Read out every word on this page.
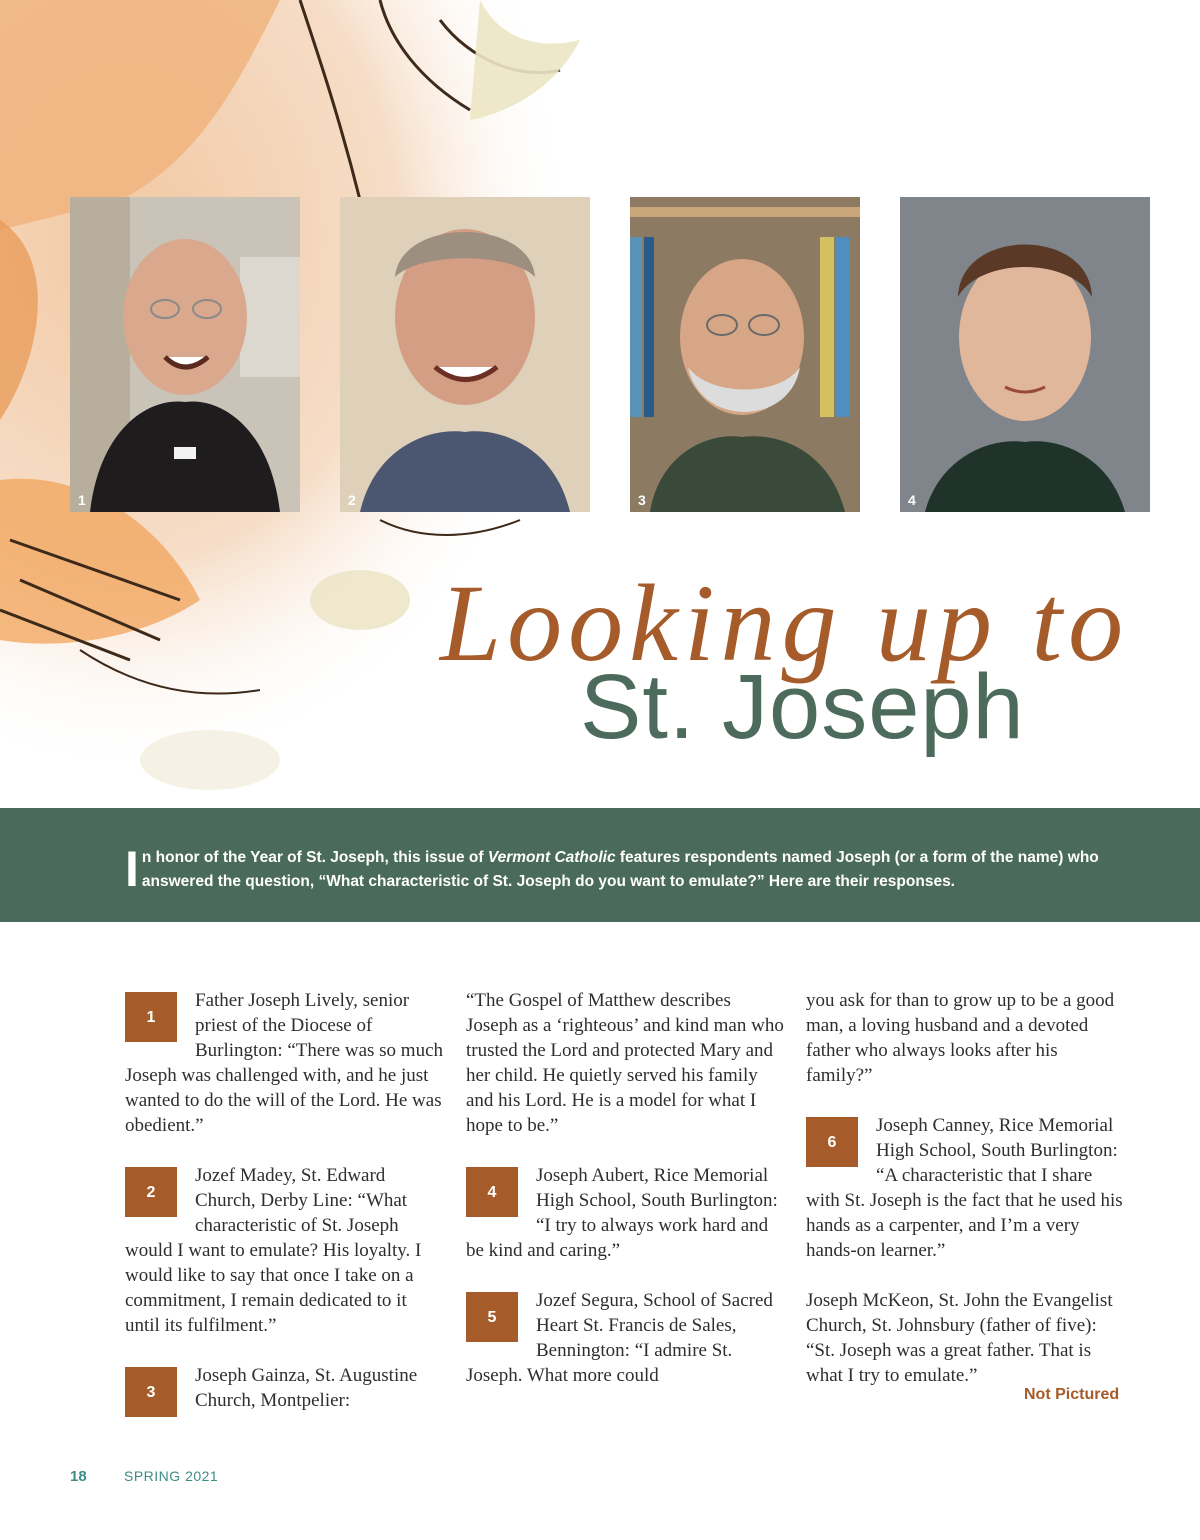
1	2	3	4
Looking up to
St. Joseph
In honor of the Year of St. Joseph, this issue of Vermont Catholic features respondents named Joseph (or a form of the name) who answered the question, “What characteristic of St. Joseph do you want to emulate?” Here are their responses.

1
Father Joseph Lively, senior priest of the Diocese of Burlington: “There was so much Joseph was challenged with, and he just wanted to do the will of the Lord. He was obedient.”

2
Jozef Madey, St. Edward Church, Derby Line: “What characteristic of St. Joseph would I want to emulate? His loyalty. I would like to say that once I take on a commitment, I remain dedicated to it until its fulfilment.”

3
Joseph Gainza, St. Augustine Church, Montpelier:

“The Gospel of Matthew describes Joseph as a ‘righteous’ and kind man who trusted the Lord and protected Mary and her child. He quietly served his family and his Lord. He is a model for what I hope to be.”

4
Joseph Aubert, Rice Memorial High School, South Burlington: “I try to always work hard and be kind and caring.”

5
Jozef Segura, School of Sacred Heart St. Francis de Sales, Bennington: “I admire St. Joseph. What more could

you ask for than to grow up to be a good man, a loving husband and a devoted father who always looks after his family?”

6
Joseph Canney, Rice Memorial High School, South Burlington: “A characteristic that I share with St. Joseph is the fact that he used his hands as a carpenter, and I’m a very hands-on learner.”

Joseph McKeon, St. John the Evangelist Church, St. Johnsbury (father of five): “St. Joseph was a great father. That is what I try to emulate.”

Not Pictured
18	SPRING 2021
